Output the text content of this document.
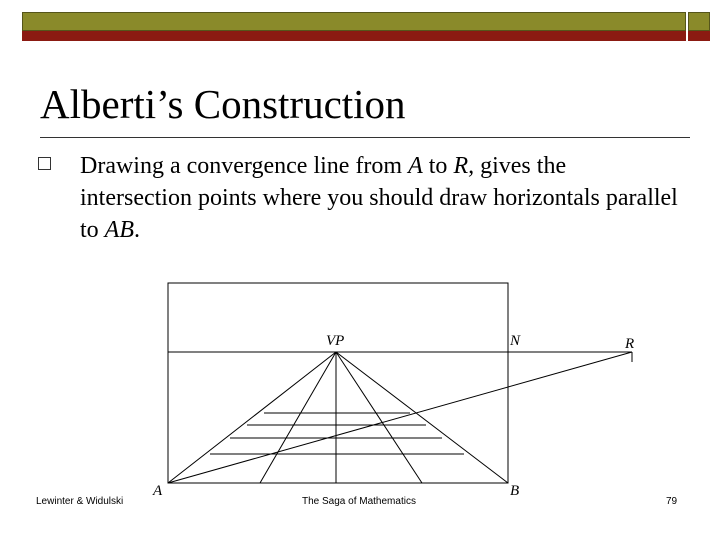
Alberti’s Construction
Drawing a convergence line from A to R, gives the intersection points where you should draw horizontals parallel to AB.
VP	N	R
A	B
Lewinter & Widulski	The Saga of Mathematics	79
